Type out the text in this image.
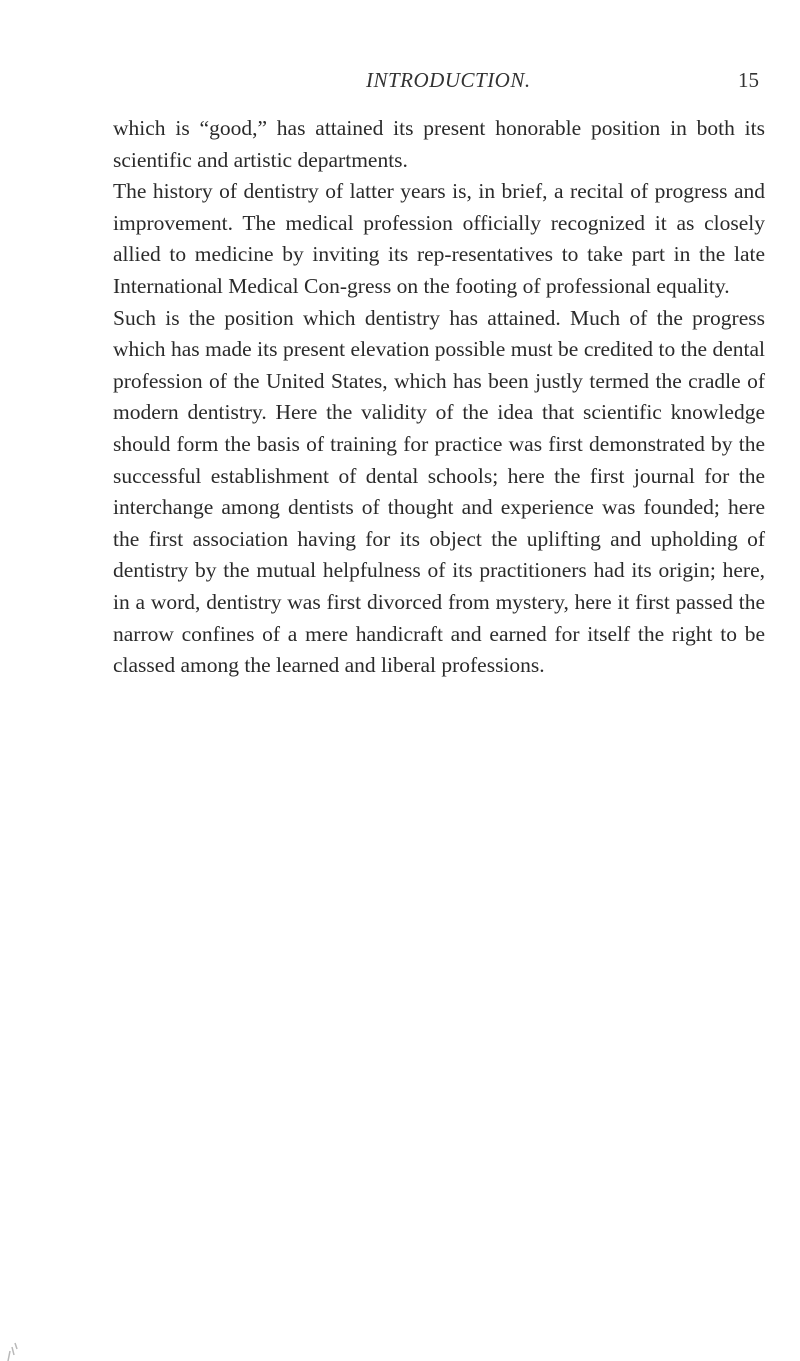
INTRODUCTION.	15

which is “good,” has attained its present honorable position in both its scientific and artistic departments.

The history of dentistry of latter years is, in brief, a recital of progress and improvement. The medical profession officially recognized it as closely allied to medicine by inviting its rep-resentatives to take part in the late International Medical Con-gress on the footing of professional equality.

Such is the position which dentistry has attained. Much of the progress which has made its present elevation possible must be credited to the dental profession of the United States, which has been justly termed the cradle of modern dentistry. Here the validity of the idea that scientific knowledge should form the basis of training for practice was first demonstrated by the successful establishment of dental schools; here the first journal for the interchange among dentists of thought and experience was founded; here the first association having for its object the uplifting and upholding of dentistry by the mutual helpfulness of its practitioners had its origin; here, in a word, dentistry was first divorced from mystery, here it first passed the narrow confines of a mere handicraft and earned for itself the right to be classed among the learned and liberal professions.
